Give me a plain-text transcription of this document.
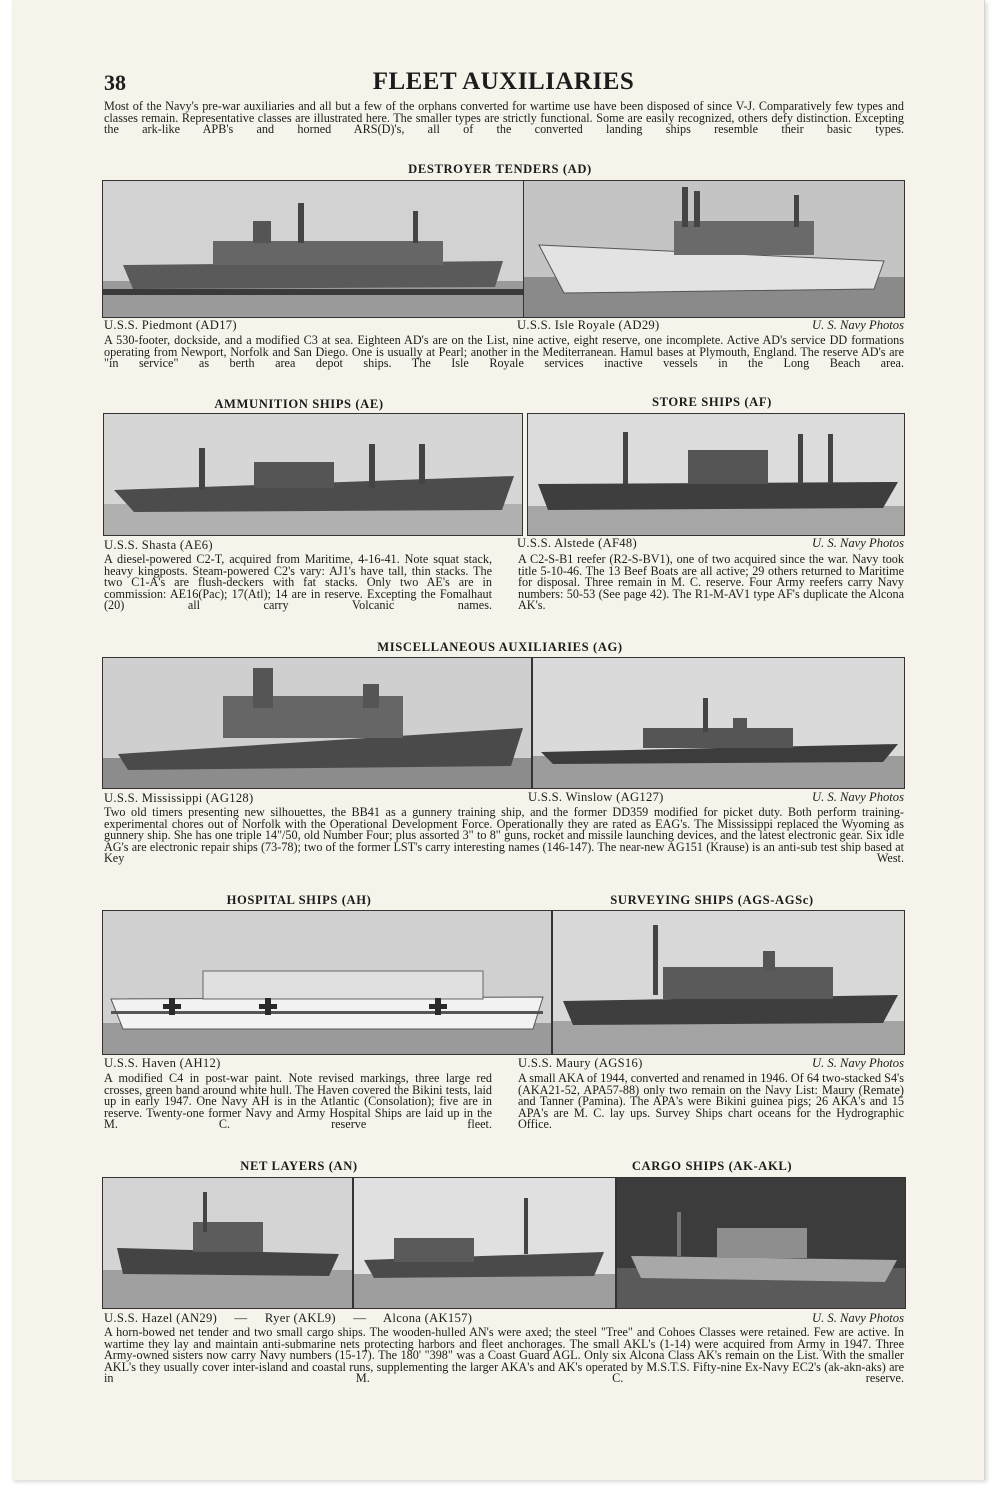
38	FLEET AUXILIARIES

Most of the Navy's pre-war auxiliaries and all but a few of the orphans converted for wartime use have been disposed of since V-J. Comparatively few types and classes remain. Representative classes are illustrated here. The smaller types are strictly functional. Some are easily recognized, others defy distinction. Excepting the ark-like APB's and horned ARS(D)'s, all of the converted landing ships resemble their basic types.

DESTROYER TENDERS (AD)
U.S.S. Piedmont (AD17)	U.S.S. Isle Royale (AD29)	U. S. Navy Photos

A 530-footer, dockside, and a modified C3 at sea. Eighteen AD's are on the List, nine active, eight reserve, one incomplete. Active AD's service DD formations operating from Newport, Norfolk and San Diego. One is usually at Pearl; another in the Mediterranean. Hamul bases at Plymouth, England. The reserve AD's are "in service" as berth area depot ships. The Isle Royale services inactive vessels in the Long Beach area.

AMMUNITION SHIPS (AE)	STORE SHIPS (AF)
U.S.S. Shasta (AE6)	U.S.S. Alstede (AF48)	U. S. Navy Photos

A diesel-powered C2-T, acquired from Maritime, 4-16-41. Note squat stack, heavy kingposts. Steam-powered C2's vary: AJ1's have tall, thin stacks. The two C1-A's are flush-deckers with fat stacks. Only two AE's are in commission: AE16(Pac); 17(Atl); 14 are in reserve. Excepting the Fomalhaut (20) all carry Volcanic names.

A C2-S-B1 reefer (R2-S-BV1), one of two acquired since the war. Navy took title 5-10-46. The 13 Beef Boats are all active; 29 others returned to Maritime for disposal. Three remain in M. C. reserve. Four Army reefers carry Navy numbers: 50-53 (See page 42). The R1-M-AV1 type AF's duplicate the Alcona AK's.

MISCELLANEOUS AUXILIARIES (AG)
U.S.S. Mississippi (AG128)	U.S.S. Winslow (AG127)	U. S. Navy Photos

Two old timers presenting new silhouettes, the BB41 as a gunnery training ship, and the former DD359 modified for picket duty. Both perform training-experimental chores out of Norfolk with the Operational Development Force. Operationally they are rated as EAG's. The Mississippi replaced the Wyoming as gunnery ship. She has one triple 14"/50, old Number Four; plus assorted 3" to 8" guns, rocket and missile launching devices, and the latest electronic gear. Six idle AG's are electronic repair ships (73-78); two of the former LST's carry interesting names (146-147). The near-new AG151 (Krause) is an anti-sub test ship based at Key West.

HOSPITAL SHIPS (AH)	SURVEYING SHIPS (AGS-AGSc)
U.S.S. Haven (AH12)	U.S.S. Maury (AGS16)	U. S. Navy Photos

A modified C4 in post-war paint. Note revised markings, three large red crosses, green band around white hull. The Haven covered the Bikini tests, laid up in early 1947. One Navy AH is in the Atlantic (Consolation); five are in reserve. Twenty-one former Navy and Army Hospital Ships are laid up in the M. C. reserve fleet.

A small AKA of 1944, converted and renamed in 1946. Of 64 two-stacked S4's (AKA21-52, APA57-88) only two remain on the Navy List: Maury (Remate) and Tanner (Pamina). The APA's were Bikini guinea pigs; 26 AKA's and 15 APA's are M. C. lay ups. Survey Ships chart oceans for the Hydrographic Office.

NET LAYERS (AN)	CARGO SHIPS (AK-AKL)
U.S.S. Hazel (AN29) — Ryer (AKL9) — Alcona (AK157)	U. S. Navy Photos

A horn-bowed net tender and two small cargo ships. The wooden-hulled AN's were axed; the steel "Tree" and Cohoes Classes were retained. Few are active. In wartime they lay and maintain anti-submarine nets protecting harbors and fleet anchorages. The small AKL's (1-14) were acquired from Army in 1947. Three Army-owned sisters now carry Navy numbers (15-17). The 180' "398" was a Coast Guard AGL. Only six Alcona Class AK's remain on the List. With the smaller AKL's they usually cover inter-island and coastal runs, supplementing the larger AKA's and AK's operated by M.S.T.S. Fifty-nine Ex-Navy EC2's (ak-akn-aks) are in M. C. reserve.
